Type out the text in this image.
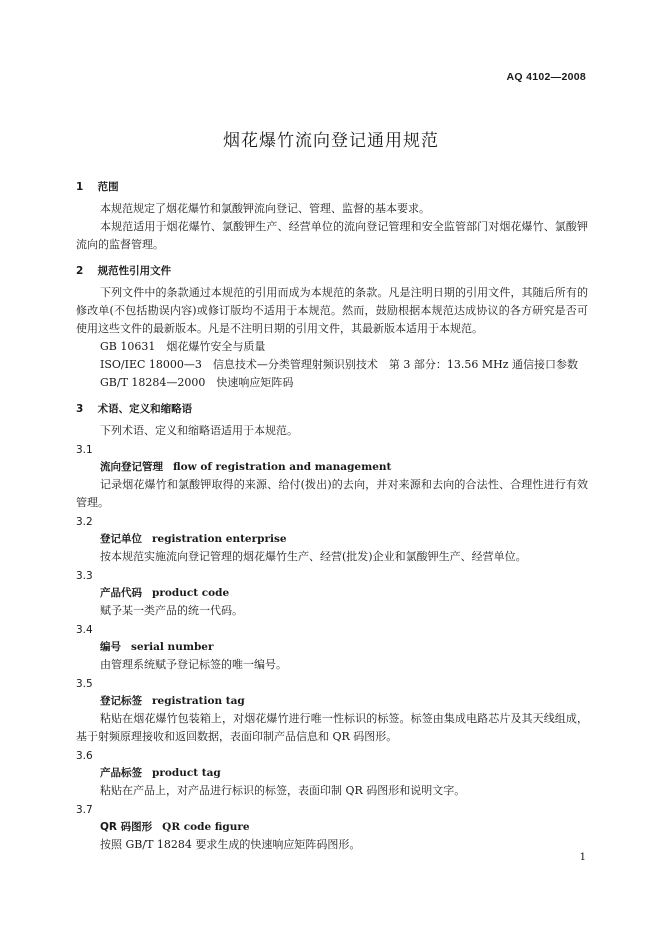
AQ 4102—2008
烟花爆竹流向登记通用规范
1 范围

本规范规定了烟花爆竹和氯酸钾流向登记、管理、监督的基本要求。

本规范适用于烟花爆竹、氯酸钾生产、经营单位的流向登记管理和安全监管部门对烟花爆竹、氯酸钾流向的监督管理。

2 规范性引用文件

下列文件中的条款通过本规范的引用而成为本规范的条款。凡是注明日期的引用文件，其随后所有的修改单(不包括勘误内容)或修订版均不适用于本规范。然而，鼓励根据本规范达成协议的各方研究是否可使用这些文件的最新版本。凡是不注明日期的引用文件，其最新版本适用于本规范。

GB 10631　烟花爆竹安全与质量

ISO/IEC 18000—3　信息技术—分类管理射频识别技术　第 3 部分：13.56 MHz 通信接口参数

GB/T 18284—2000　快速响应矩阵码

3 术语、定义和缩略语

下列术语、定义和缩略语适用于本规范。

3.1
流向登记管理 flow of registration and management

记录烟花爆竹和氯酸钾取得的来源、给付(拨出)的去向，并对来源和去向的合法性、合理性进行有效管理。

3.2
登记单位 registration enterprise

按本规范实施流向登记管理的烟花爆竹生产、经营(批发)企业和氯酸钾生产、经营单位。

3.3
产品代码 product code

赋予某一类产品的统一代码。

3.4
编号 serial number

由管理系统赋予登记标签的唯一编号。

3.5
登记标签 registration tag

粘贴在烟花爆竹包装箱上，对烟花爆竹进行唯一性标识的标签。标签由集成电路芯片及其天线组成，基于射频原理接收和返回数据，表面印制产品信息和 QR 码图形。

3.6
产品标签 product tag

粘贴在产品上，对产品进行标识的标签，表面印制 QR 码图形和说明文字。

3.7
QR 码图形 QR code figure

按照 GB/T 18284 要求生成的快速响应矩阵码图形。

1
